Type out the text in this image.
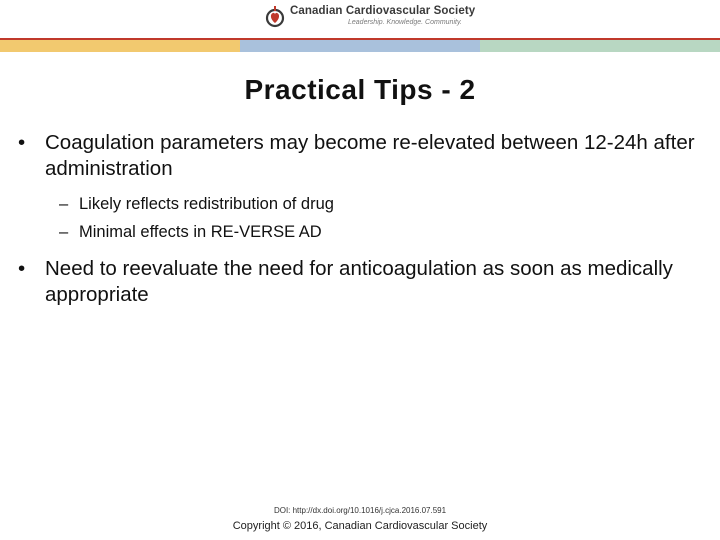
Canadian Cardiovascular Society
Leadership. Knowledge. Community.
Practical Tips - 2
• Coagulation parameters may become re-elevated between 12-24h after administration
– Likely reflects redistribution of drug
– Minimal effects in RE-VERSE AD
• Need to reevaluate the need for anticoagulation as soon as medically appropriate
DOI: http://dx.doi.org/10.1016/j.cjca.2016.07.591
Copyright © 2016, Canadian Cardiovascular Society
